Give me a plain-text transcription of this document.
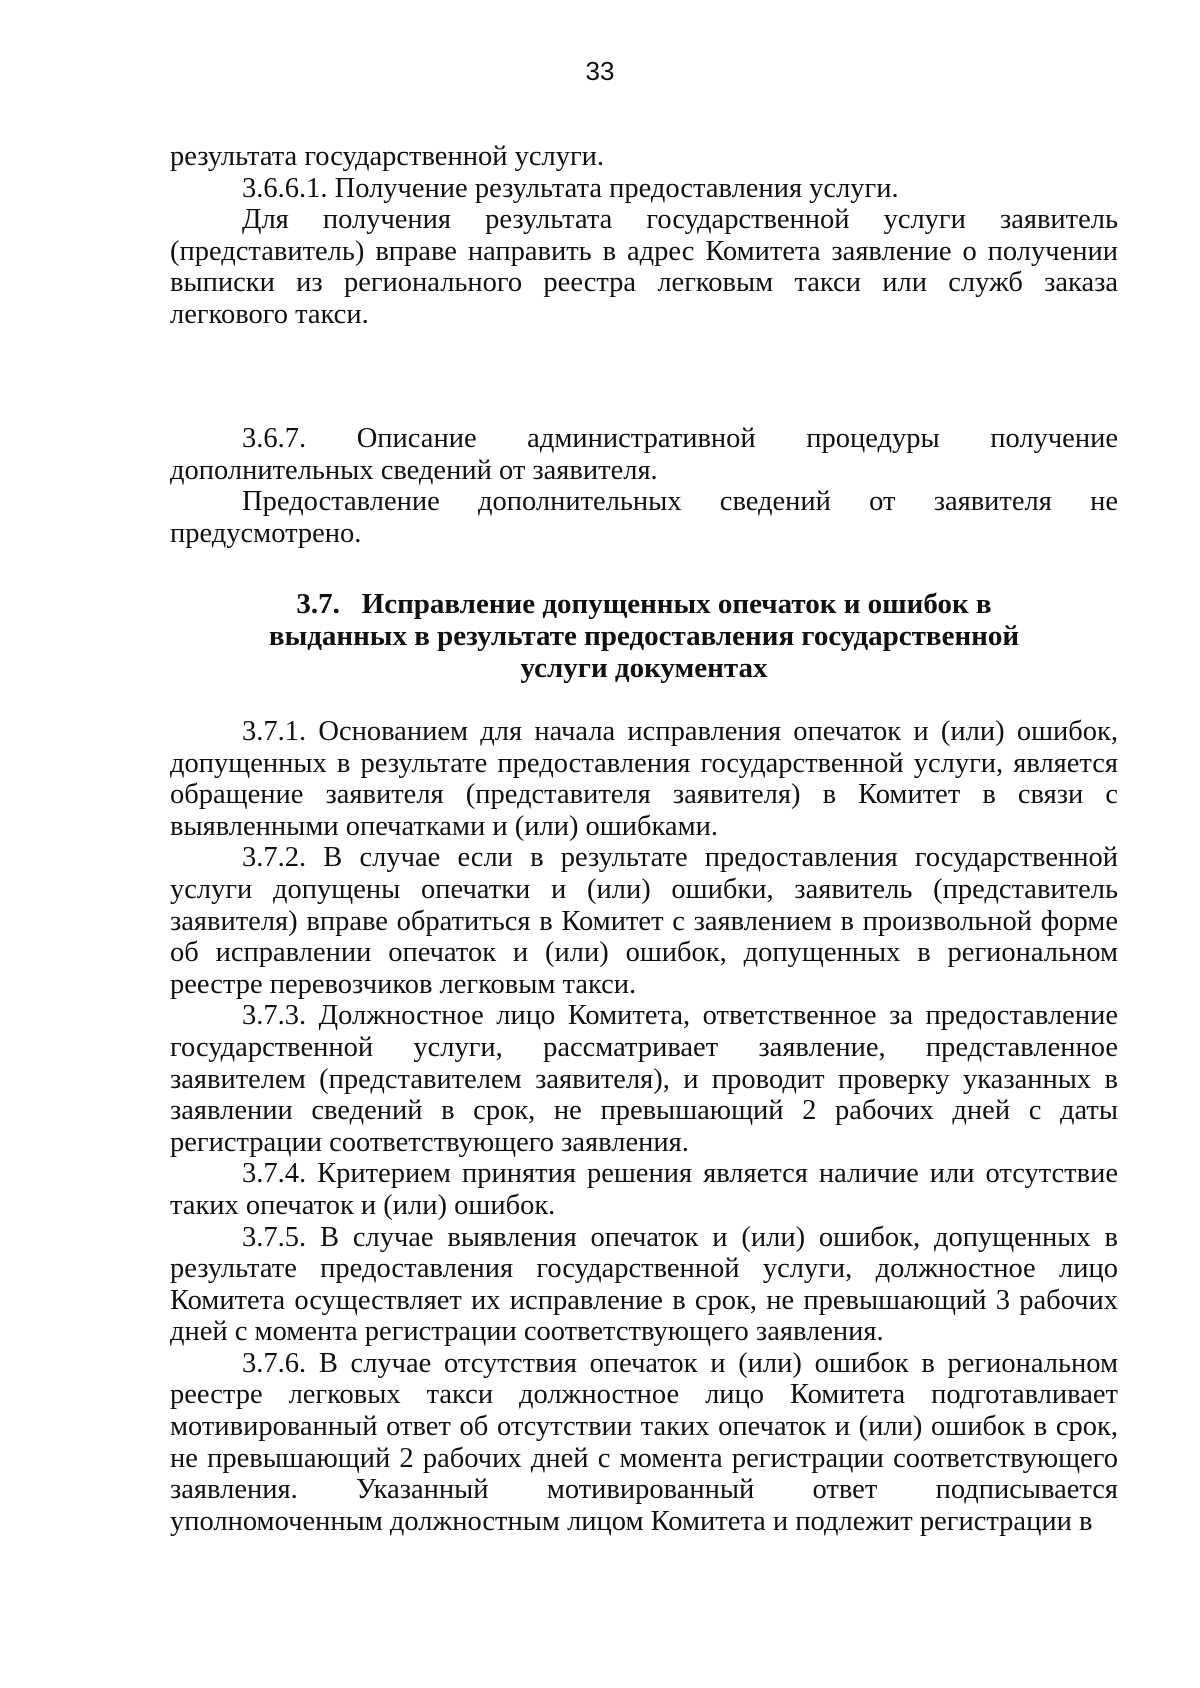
33

результата государственной услуги.

3.6.6.1. Получение результата предоставления услуги.

Для получения результата государственной услуги заявитель (представитель) вправе направить в адрес Комитета заявление о получении выписки из регионального реестра легковым такси или служб заказа легкового такси.

3.6.7. Описание административной процедуры получение дополнительных сведений от заявителя.

Предоставление дополнительных сведений от заявителя не предусмотрено.

3.7.  Исправление допущенных опечаток и ошибок в
выданных в результате предоставления государственной
услуги документах

3.7.1. Основанием для начала исправления опечаток и (или) ошибок, допущенных в результате предоставления государственной услуги, является обращение заявителя (представителя заявителя) в Комитет в связи с выявленными опечатками и (или) ошибками.

3.7.2. В случае если в результате предоставления государственной услуги допущены опечатки и (или) ошибки, заявитель (представитель заявителя) вправе обратиться в Комитет с заявлением в произвольной форме об исправлении опечаток и (или) ошибок, допущенных в региональном реестре перевозчиков легковым такси.

3.7.3. Должностное лицо Комитета, ответственное за предоставление государственной услуги, рассматривает заявление, представленное заявителем (представителем заявителя), и проводит проверку указанных в заявлении сведений в срок, не превышающий 2 рабочих дней с даты регистрации соответствующего заявления.

3.7.4. Критерием принятия решения является наличие или отсутствие таких опечаток и (или) ошибок.

3.7.5. В случае выявления опечаток и (или) ошибок, допущенных в результате предоставления государственной услуги, должностное лицо Комитета осуществляет их исправление в срок, не превышающий 3 рабочих дней с момента регистрации соответствующего заявления.

3.7.6. В случае отсутствия опечаток и (или) ошибок в региональном реестре легковых такси должностное лицо Комитета подготавливает мотивированный ответ об отсутствии таких опечаток и (или) ошибок в срок, не превышающий 2 рабочих дней с момента регистрации соответствующего заявления. Указанный мотивированный ответ подписывается уполномоченным должностным лицом Комитета и подлежит регистрации в
